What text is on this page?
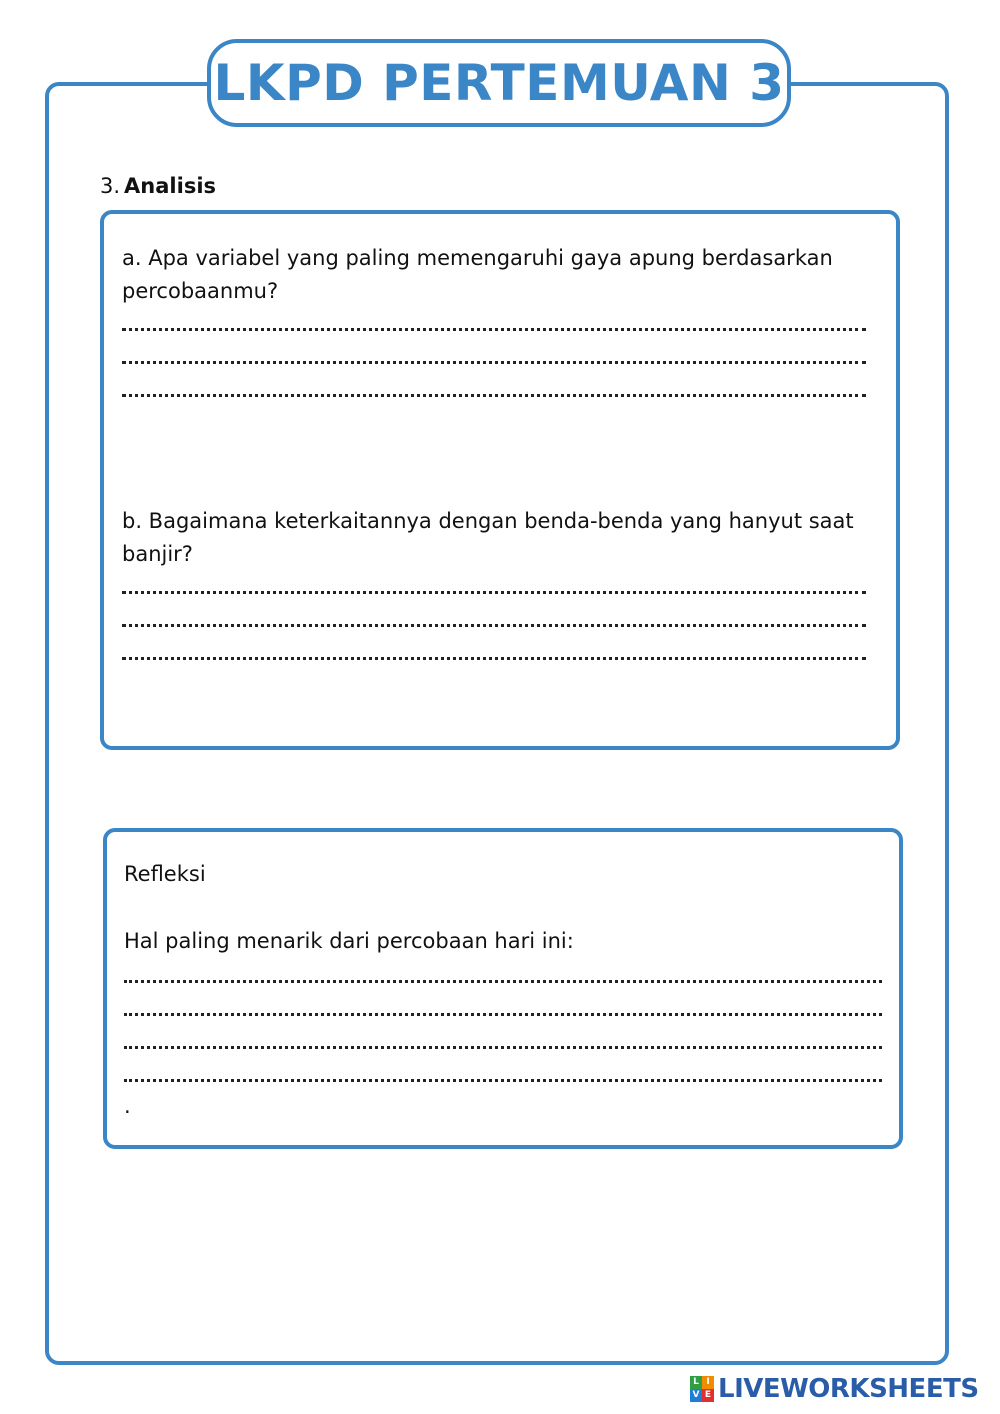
LKPD PERTEMUAN 3
3. Analisis
a. Apa variabel yang paling memengaruhi gaya apung berdasarkan percobaanmu?
b. Bagaimana keterkaitannya dengan benda-benda yang hanyut saat banjir?
Refleksi
Hal paling menarik dari percobaan hari ini:
.
L I
V E LIVEWORKSHEETS
